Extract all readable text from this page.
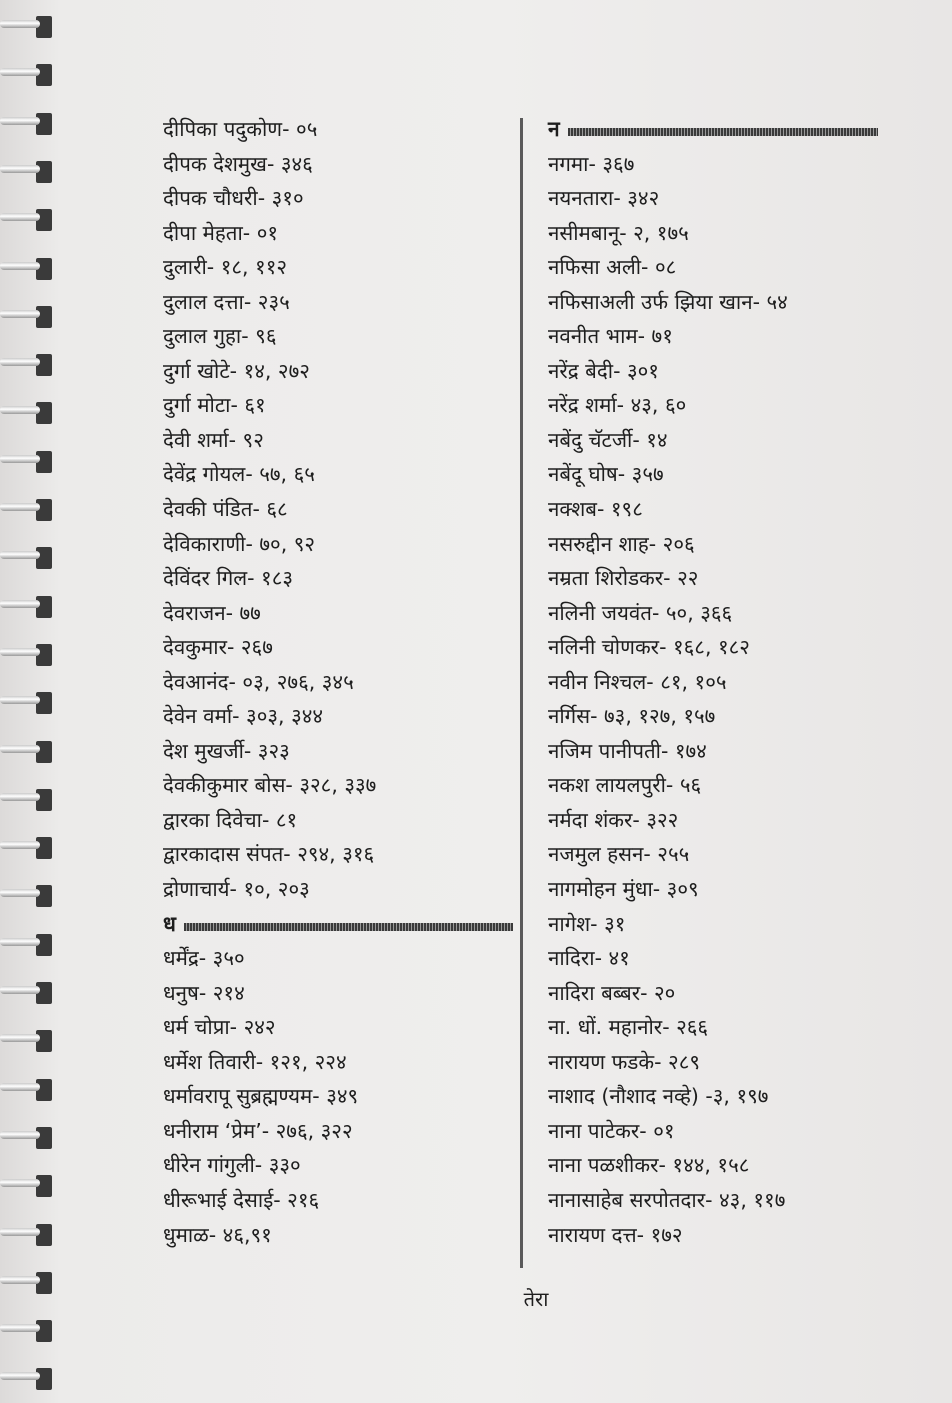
दीपिका पदुकोण- ०५
दीपक देशमुख- ३४६
दीपक चौधरी- ३१०
दीपा मेहता- ०१
दुलारी- १८, ११२
दुलाल दत्ता- २३५
दुलाल गुहा- ९६
दुर्गा खोटे- १४, २७२
दुर्गा मोटा- ६१
देवी शर्मा- ९२
देवेंद्र गोयल- ५७, ६५
देवकी पंडित- ६८
देविकाराणी- ७०, ९२
देविंदर गिल- १८३
देवराजन- ७७
देवकुमार- २६७
देवआनंद- ०३, २७६, ३४५
देवेन वर्मा- ३०३, ३४४
देश मुखर्जी- ३२३
देवकीकुमार बोस- ३२८, ३३७
द्वारका दिवेचा- ८१
द्वारकादास संपत- २९४, ३१६
द्रोणाचार्य- १०, २०३
ध
धर्मेंद्र- ३५०
धनुष- २१४
धर्म चोप्रा- २४२
धर्मेश तिवारी- १२१, २२४
धर्मावरापू सुब्रह्मण्यम- ३४९
धनीराम ‘प्रेम’- २७६, ३२२
धीरेन गांगुली- ३३०
धीरूभाई देसाई- २१६
धुमाळ- ४६,९१
न
नगमा- ३६७
नयनतारा- ३४२
नसीमबानू- २, १७५
नफिसा अली- ०८
नफिसाअली उर्फ झिया खान- ५४
नवनीत भाम- ७१
नरेंद्र बेदी- ३०१
नरेंद्र शर्मा- ४३, ६०
नबेंदु चॅटर्जी- १४
नबेंदू घोष- ३५७
नक्शब- १९८
नसरुद्दीन शाह- २०६
नम्रता शिरोडकर- २२
नलिनी जयवंत- ५०, ३६६
नलिनी चोणकर- १६८, १८२
नवीन निश्चल- ८१, १०५
नर्गिस- ७३, १२७, १५७
नजिम पानीपती- १७४
नकश लायलपुरी- ५६
नर्मदा शंकर- ३२२
नजमुल हसन- २५५
नागमोहन मुंधा- ३०९
नागेश- ३१
नादिरा- ४१
नादिरा बब्बर- २०
ना. धों. महानोर- २६६
नारायण फडके- २८९
नाशाद (नौशाद नव्हे) -३, १९७
नाना पाटेकर- ०१
नाना पळशीकर- १४४, १५८
नानासाहेब सरपोतदार- ४३, ११७
नारायण दत्त- १७२
तेरा
